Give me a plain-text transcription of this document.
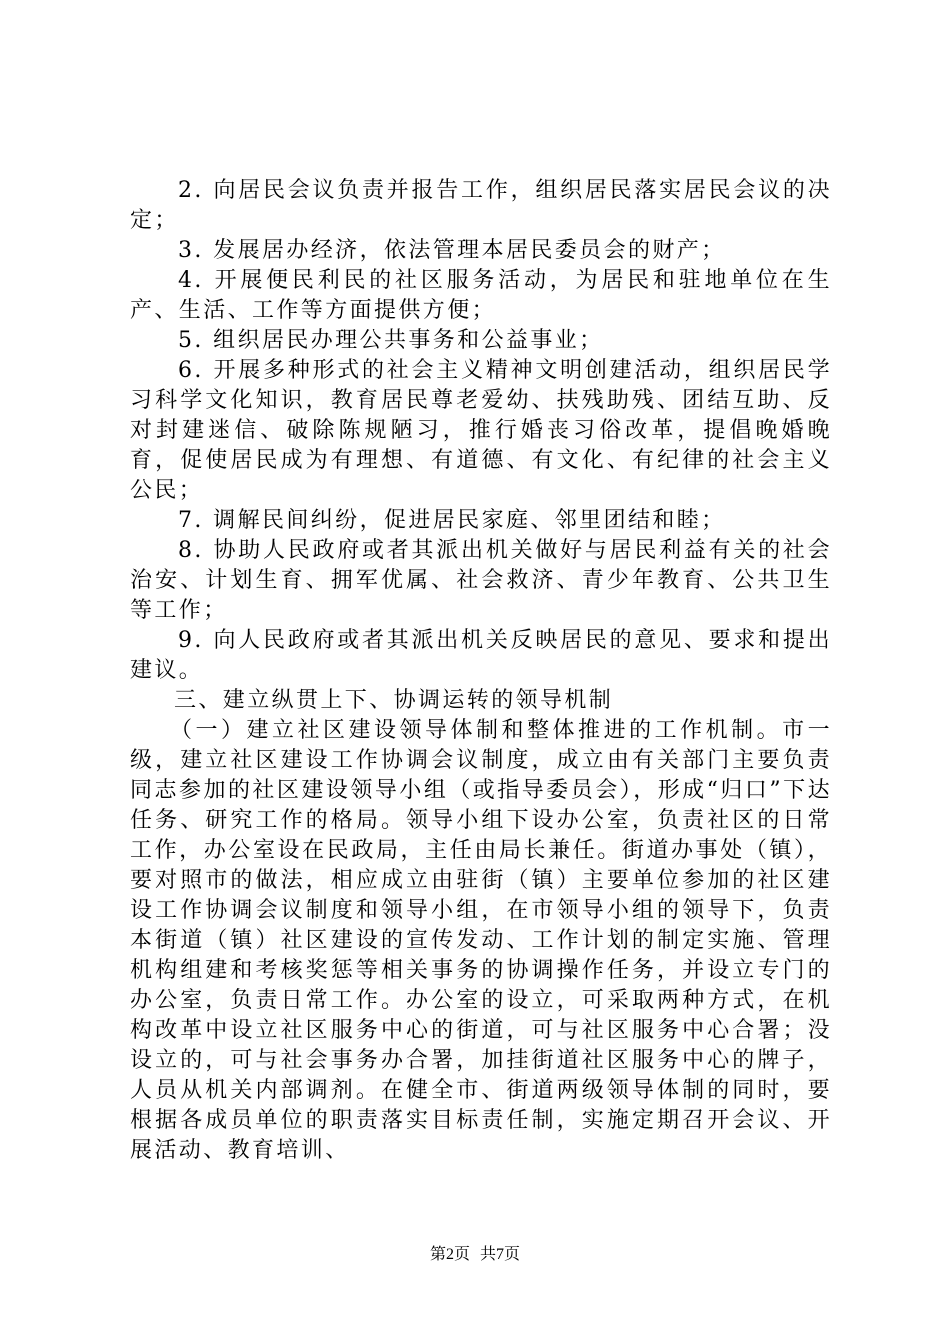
2. 向居民会议负责并报告工作，组织居民落实居民会议的决定；

3. 发展居办经济，依法管理本居民委员会的财产；

4. 开展便民利民的社区服务活动，为居民和驻地单位在生产、生活、工作等方面提供方便；

5. 组织居民办理公共事务和公益事业；

6. 开展多种形式的社会主义精神文明创建活动，组织居民学习科学文化知识，教育居民尊老爱幼、扶残助残、团结互助、反对封建迷信、破除陈规陋习，推行婚丧习俗改革，提倡晚婚晚育，促使居民成为有理想、有道德、有文化、有纪律的社会主义公民；

7. 调解民间纠纷，促进居民家庭、邻里团结和睦；

8. 协助人民政府或者其派出机关做好与居民利益有关的社会治安、计划生育、拥军优属、社会救济、青少年教育、公共卫生等工作；

9. 向人民政府或者其派出机关反映居民的意见、要求和提出建议。

三、建立纵贯上下、协调运转的领导机制

（一）建立社区建设领导体制和整体推进的工作机制。市一级，建立社区建设工作协调会议制度，成立由有关部门主要负责同志参加的社区建设领导小组（或指导委员会），形成“归口”下达任务、研究工作的格局。领导小组下设办公室，负责社区的日常工作，办公室设在民政局，主任由局长兼任。街道办事处（镇），要对照市的做法，相应成立由驻街（镇）主要单位参加的社区建设工作协调会议制度和领导小组，在市领导小组的领导下，负责本街道（镇）社区建设的宣传发动、工作计划的制定实施、管理机构组建和考核奖惩等相关事务的协调操作任务，并设立专门的办公室，负责日常工作。办公室的设立，可采取两种方式，在机构改革中设立社区服务中心的街道，可与社区服务中心合署；没设立的，可与社会事务办合署，加挂街道社区服务中心的牌子，人员从机关内部调剂。在健全市、街道两级领导体制的同时，要根据各成员单位的职责落实目标责任制，实施定期召开会议、开展活动、教育培训、

第2页 共7页
